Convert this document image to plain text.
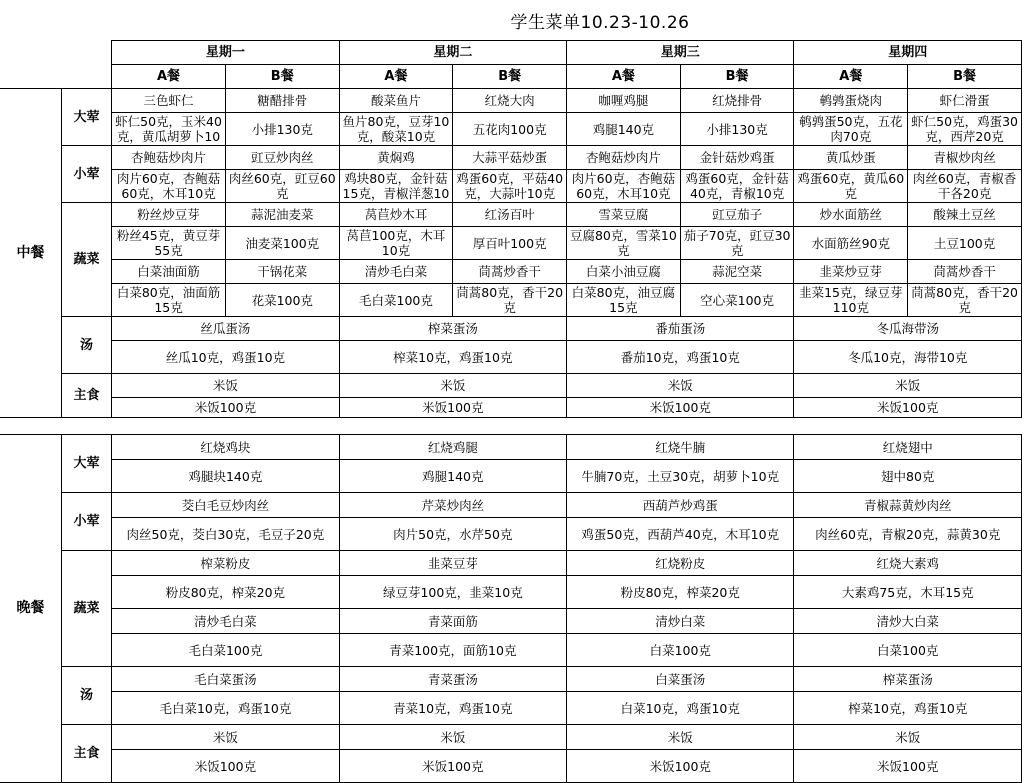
学生菜单10.23-10.26
		星期一		星期二		星期三		星期四	
		A餐	B餐	A餐	B餐	A餐	B餐	A餐	B餐
中餐	大荤	三色虾仁	糖醋排骨	酸菜鱼片	红烧大肉	咖喱鸡腿	红烧排骨	鹌鹑蛋烧肉	虾仁滑蛋
		虾仁50克，玉米40克，黄瓜胡萝卜10	小排130克	鱼片80克，豆芽10克，酸菜10克	五花肉100克	鸡腿140克	小排130克	鹌鹑蛋50克，五花肉70克	虾仁50克，鸡蛋30克，西芹20克
	小荤	杏鲍菇炒肉片	豇豆炒肉丝	黄焖鸡	大蒜平菇炒蛋	杏鲍菇炒肉片	金针菇炒鸡蛋	黄瓜炒蛋	青椒炒肉丝
		肉片60克，杏鲍菇60克，木耳10克	肉丝60克，豇豆60克	鸡块80克，金针菇15克，青椒洋葱10	鸡蛋60克，平菇40克，大蒜叶10克	肉片60克，杏鲍菇60克，木耳10克	鸡蛋60克，金针菇40克，青椒10克	鸡蛋60克，黄瓜60克	肉丝60克，青椒香干各20克
	蔬菜	粉丝炒豆芽	蒜泥油麦菜	莴苣炒木耳	红汤百叶	雪菜豆腐	豇豆茄子	炒水面筋丝	酸辣土豆丝
		粉丝45克，黄豆芽55克	油麦菜100克	莴苣100克，木耳10克	厚百叶100克	豆腐80克，雪菜10克	茄子70克，豇豆30克	水面筋丝90克	土豆100克
		白菜油面筋	干锅花菜	清炒毛白菜	茼蒿炒香干	白菜小油豆腐	蒜泥空菜	韭菜炒豆芽	茼蒿炒香干
		白菜80克，油面筋15克	花菜100克	毛白菜100克	茼蒿80克，香干20克	白菜80克，油豆腐15克	空心菜100克	韭菜15克，绿豆芽110克	茼蒿80克，香干20克
	汤	丝瓜蛋汤		榨菜蛋汤		番茄蛋汤		冬瓜海带汤	
		丝瓜10克，鸡蛋10克		榨菜10克，鸡蛋10克		番茄10克，鸡蛋10克		冬瓜10克，海带10克	
	主食	米饭		米饭		米饭		米饭	
		米饭100克		米饭100克		米饭100克		米饭100克	
晚餐	大荤	红烧鸡块	红烧鸡腿	红烧牛腩	红烧翅中
		鸡腿块140克	鸡腿140克	牛腩70克，土豆30克，胡萝卜10克	翅中80克
	小荤	茭白毛豆炒肉丝	芹菜炒肉丝	西葫芦炒鸡蛋	青椒蒜黄炒肉丝
		肉丝50克，茭白30克，毛豆子20克	肉片50克，水芹50克	鸡蛋50克，西葫芦40克，木耳10克	肉丝60克，青椒20克，蒜黄30克
	蔬菜	榨菜粉皮	韭菜豆芽	红烧粉皮	红烧大素鸡
		粉皮80克，榨菜20克	绿豆芽100克，韭菜10克	粉皮80克，榨菜20克	大素鸡75克，木耳15克
		清炒毛白菜	青菜面筋	清炒白菜	清炒大白菜
		毛白菜100克	青菜100克，面筋10克	白菜100克	白菜100克
	汤	毛白菜蛋汤	青菜蛋汤	白菜蛋汤	榨菜蛋汤
		毛白菜10克，鸡蛋10克	青菜10克，鸡蛋10克	白菜10克，鸡蛋10克	榨菜10克，鸡蛋10克
	主食	米饭	米饭	米饭	米饭
		米饭100克	米饭100克	米饭100克	米饭100克
